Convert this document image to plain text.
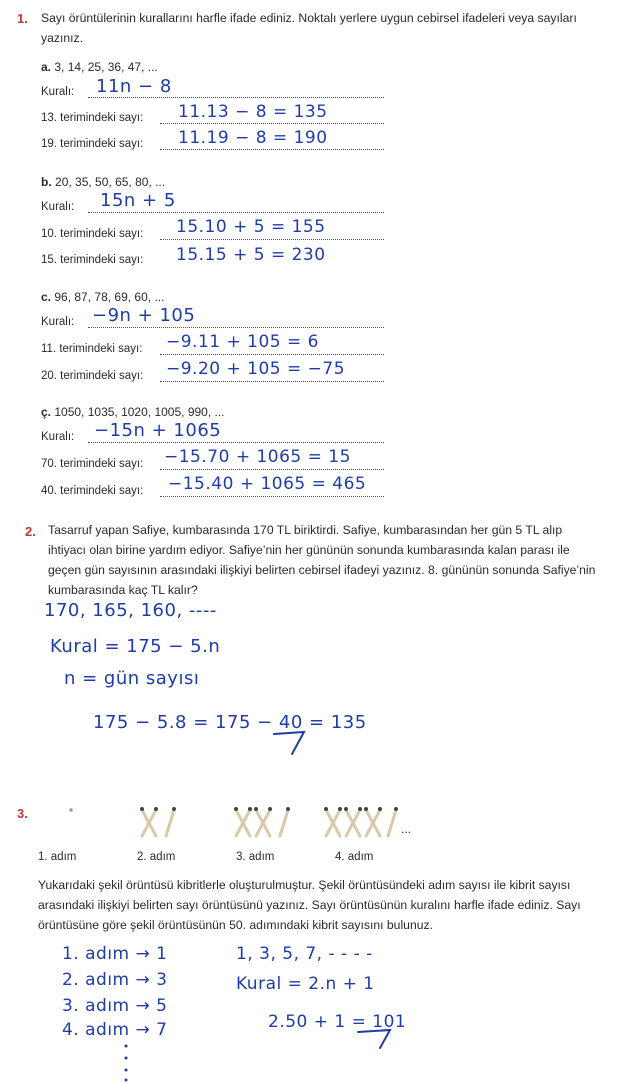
1. Sayı örüntülerinin kurallarını harfle ifade ediniz. Noktalı yerlere uygun cebirsel ifadeleri veya sayıları
yazınız.
a. 3, 14, 25, 36, 47, ...
Kuralı: 11n − 8
13. terimindeki sayı: 11.13 − 8 = 135
19. terimindeki sayı: 11.19 − 8 = 190
b. 20, 35, 50, 65, 80, ...
Kuralı: 15n + 5
10. terimindeki sayı: 15.10 + 5 = 155
15. terimindeki sayı: 15.15 + 5 = 230
c. 96, 87, 78, 69, 60, ...
Kuralı: −9n + 105
11. terimindeki sayı: −9.11 + 105 = 6
20. terimindeki sayı: −9.20 + 105 = −75
ç. 1050, 1035, 1020, 1005, 990, ...
Kuralı: −15n + 1065
70. terimindeki sayı: −15.70 + 1065 = 15
40. terimindeki sayı: −15.40 + 1065 = 465
2. Tasarruf yapan Safiye, kumbarasında 170 TL biriktirdi. Safiye, kumbarasından her gün 5 TL alıp
ihtiyacı olan birine yardım ediyor. Safiye’nin her gününün sonunda kumbarasında kalan parası ile
geçen gün sayısının arasındaki ilişkiyi belirten cebirsel ifadeyi yazınız. 8. gününün sonunda Safiye’nin
kumbarasında kaç TL kalır?
170, 165, 160, ----
Kural = 175 − 5.n
n = gün sayısı
175 − 5.8 = 175 − 40 = 135
3.
...
1. adım	2. adım	3. adım	4. adım
Yukarıdaki şekil örüntüsü kibritlerle oluşturulmuştur. Şekil örüntüsündeki adım sayısı ile kibrit sayısı
arasındaki ilişkiyi belirten sayı örüntüsünü yazınız. Sayı örüntüsünün kuralını harfle ifade ediniz. Sayı
örüntüsüne göre şekil örüntüsünün 50. adımındaki kibrit sayısını bulunuz.
1. adım → 1
2. adım → 3
3. adım → 5
4. adım → 7
1, 3, 5, 7, - - - -
Kural = 2.n + 1
2.50 + 1 = 101
